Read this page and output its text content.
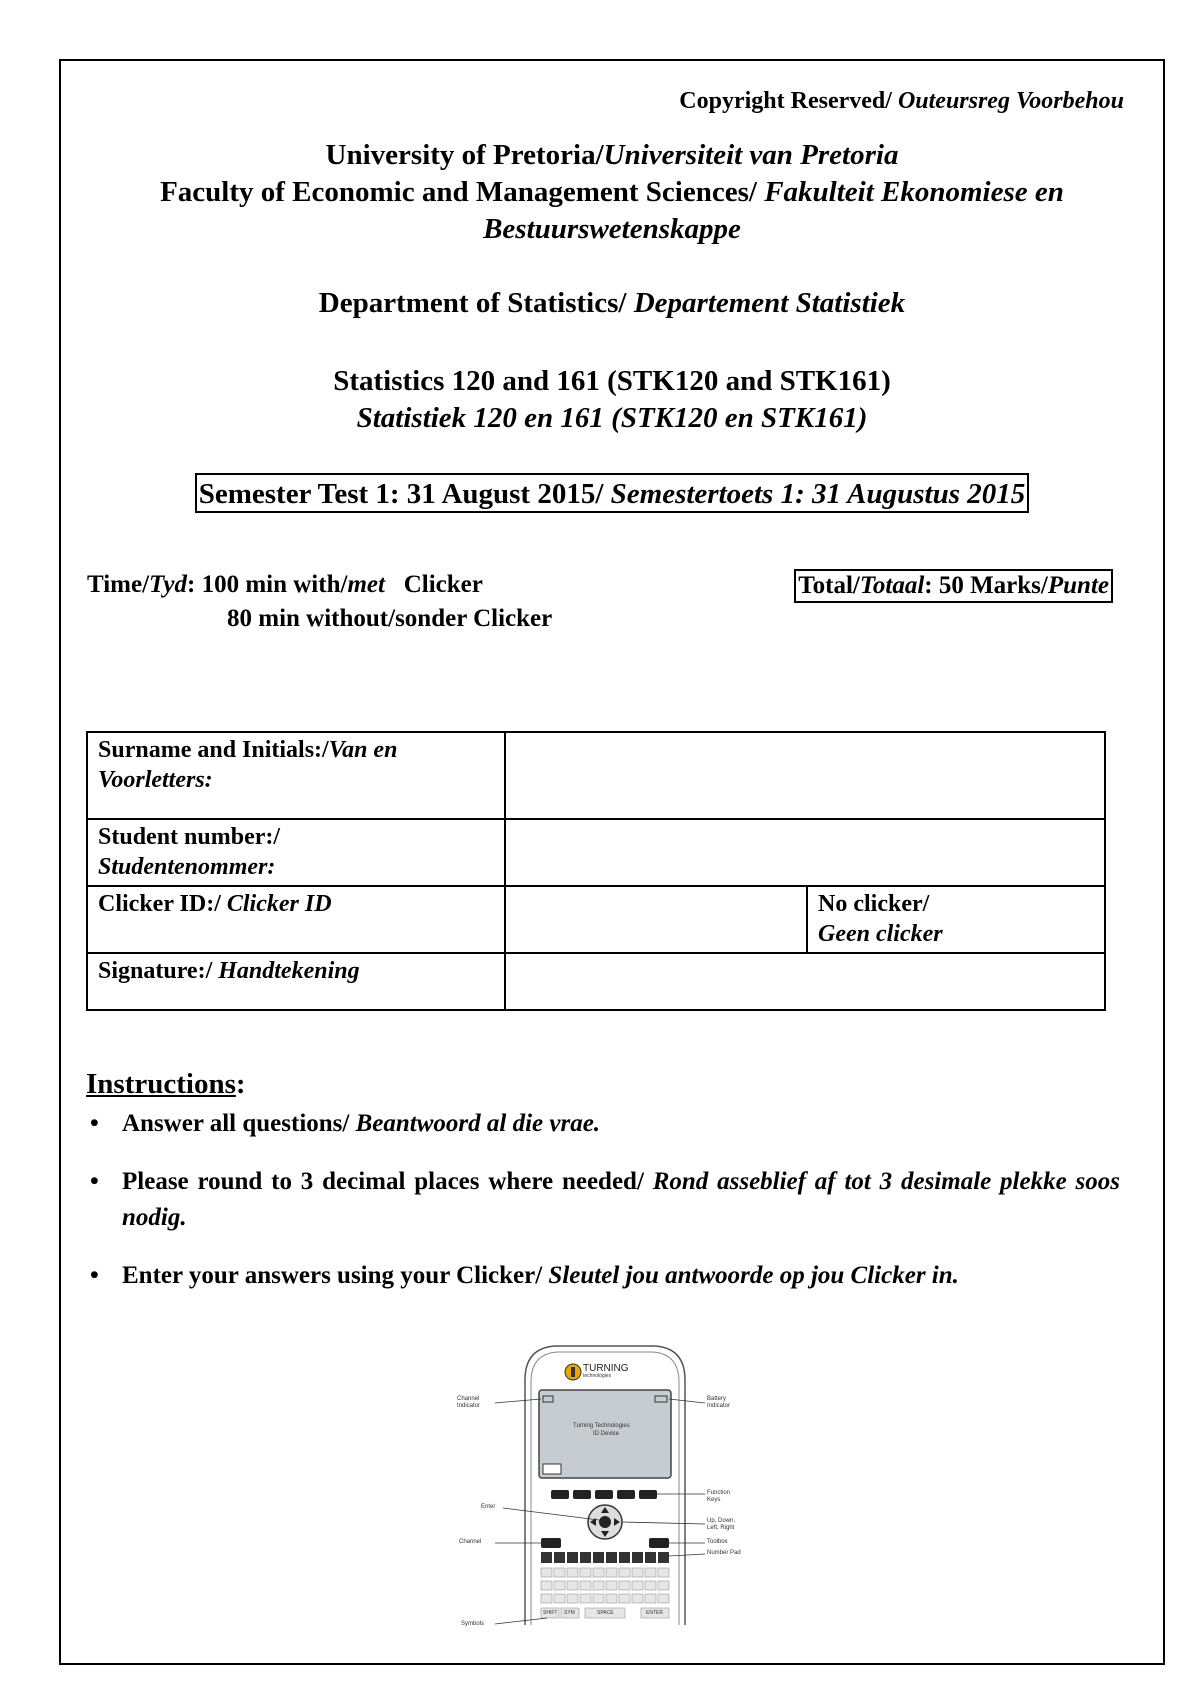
Copyright Reserved/ Outeursreg Voorbehou
University of Pretoria/Universiteit van Pretoria
Faculty of Economic and Management Sciences/ Fakulteit Ekonomiese en Bestuurswetenskappe
Department of Statistics/ Departement Statistiek
Statistics 120 and 161 (STK120 and STK161)
Statistiek 120 en 161 (STK120 en STK161)
Semester Test 1: 31 August 2015/ Semestertoets 1: 31 Augustus 2015
Time/Tyd: 100 min with/met   Clicker
80 min without/sonder Clicker
Total/Totaal: 50 Marks/Punte
Surname and Initials:/Van en Voorletters:		

Student number:/
Studentenommer:		

Clicker ID:/ Clicker ID		No clicker/
Geen clicker

Signature:/ Handtekening		
Instructions:
• Answer all questions/ Beantwoord al die vrae.
• Please round to 3 decimal places where needed/ Rond asseblief af tot 3 desimale plekke soos nodig.
• Enter your answers using your Clicker/ Sleutel jou antwoorde op jou Clicker in.
TURNING
technologies
Turning Technologies
ID Device
Channel Indicator
Battery Indicator
Function Keys
Enter
Up, Down, Left, Right
Channel	Toolbox
Number Pad
Symbols
SHIFT SYM	SPACE	ENTER
